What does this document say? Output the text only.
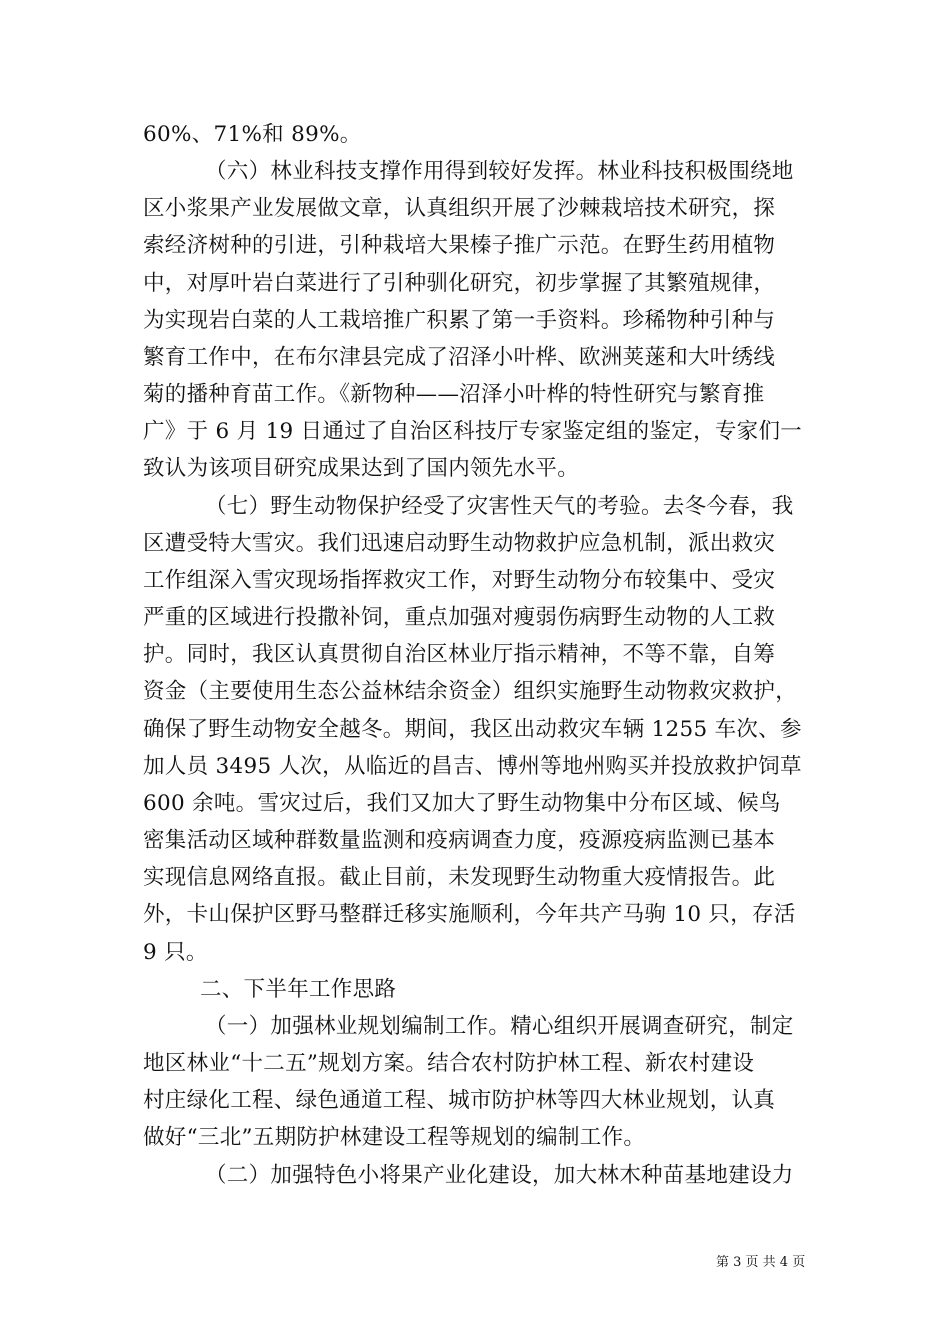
60%、71%和 89%。
（六）林业科技支撑作用得到较好发挥。林业科技积极围绕地
区小浆果产业发展做文章，认真组织开展了沙棘栽培技术研究，探
索经济树种的引进，引种栽培大果榛子推广示范。在野生药用植物
中，对厚叶岩白菜进行了引种驯化研究，初步掌握了其繁殖规律，
为实现岩白菜的人工栽培推广积累了第一手资料。珍稀物种引种与
繁育工作中，在布尔津县完成了沼泽小叶桦、欧洲荚蒾和大叶绣线
菊的播种育苗工作。《新物种——沼泽小叶桦的特性研究与繁育推
广》于 6 月 19 日通过了自治区科技厅专家鉴定组的鉴定，专家们一
致认为该项目研究成果达到了国内领先水平。
（七）野生动物保护经受了灾害性天气的考验。去冬今春，我
区遭受特大雪灾。我们迅速启动野生动物救护应急机制，派出救灾
工作组深入雪灾现场指挥救灾工作，对野生动物分布较集中、受灾
严重的区域进行投撒补饲，重点加强对瘦弱伤病野生动物的人工救
护。同时，我区认真贯彻自治区林业厅指示精神，不等不靠，自筹
资金（主要使用生态公益林结余资金）组织实施野生动物救灾救护，
确保了野生动物安全越冬。期间，我区出动救灾车辆 1255 车次、参
加人员 3495 人次，从临近的昌吉、博州等地州购买并投放救护饲草
600 余吨。雪灾过后，我们又加大了野生动物集中分布区域、候鸟
密集活动区域种群数量监测和疫病调查力度，疫源疫病监测已基本
实现信息网络直报。截止目前，未发现野生动物重大疫情报告。此
外，卡山保护区野马整群迁移实施顺利，今年共产马驹 10 只，存活
9 只。
二、下半年工作思路
（一）加强林业规划编制工作。精心组织开展调查研究，制定
地区林业“十二五”规划方案。结合农村防护林工程、新农村建设
村庄绿化工程、绿色通道工程、城市防护林等四大林业规划，认真
做好“三北”五期防护林建设工程等规划的编制工作。
（二）加强特色小将果产业化建设，加大林木种苗基地建设力
第 3 页 共 4 页
